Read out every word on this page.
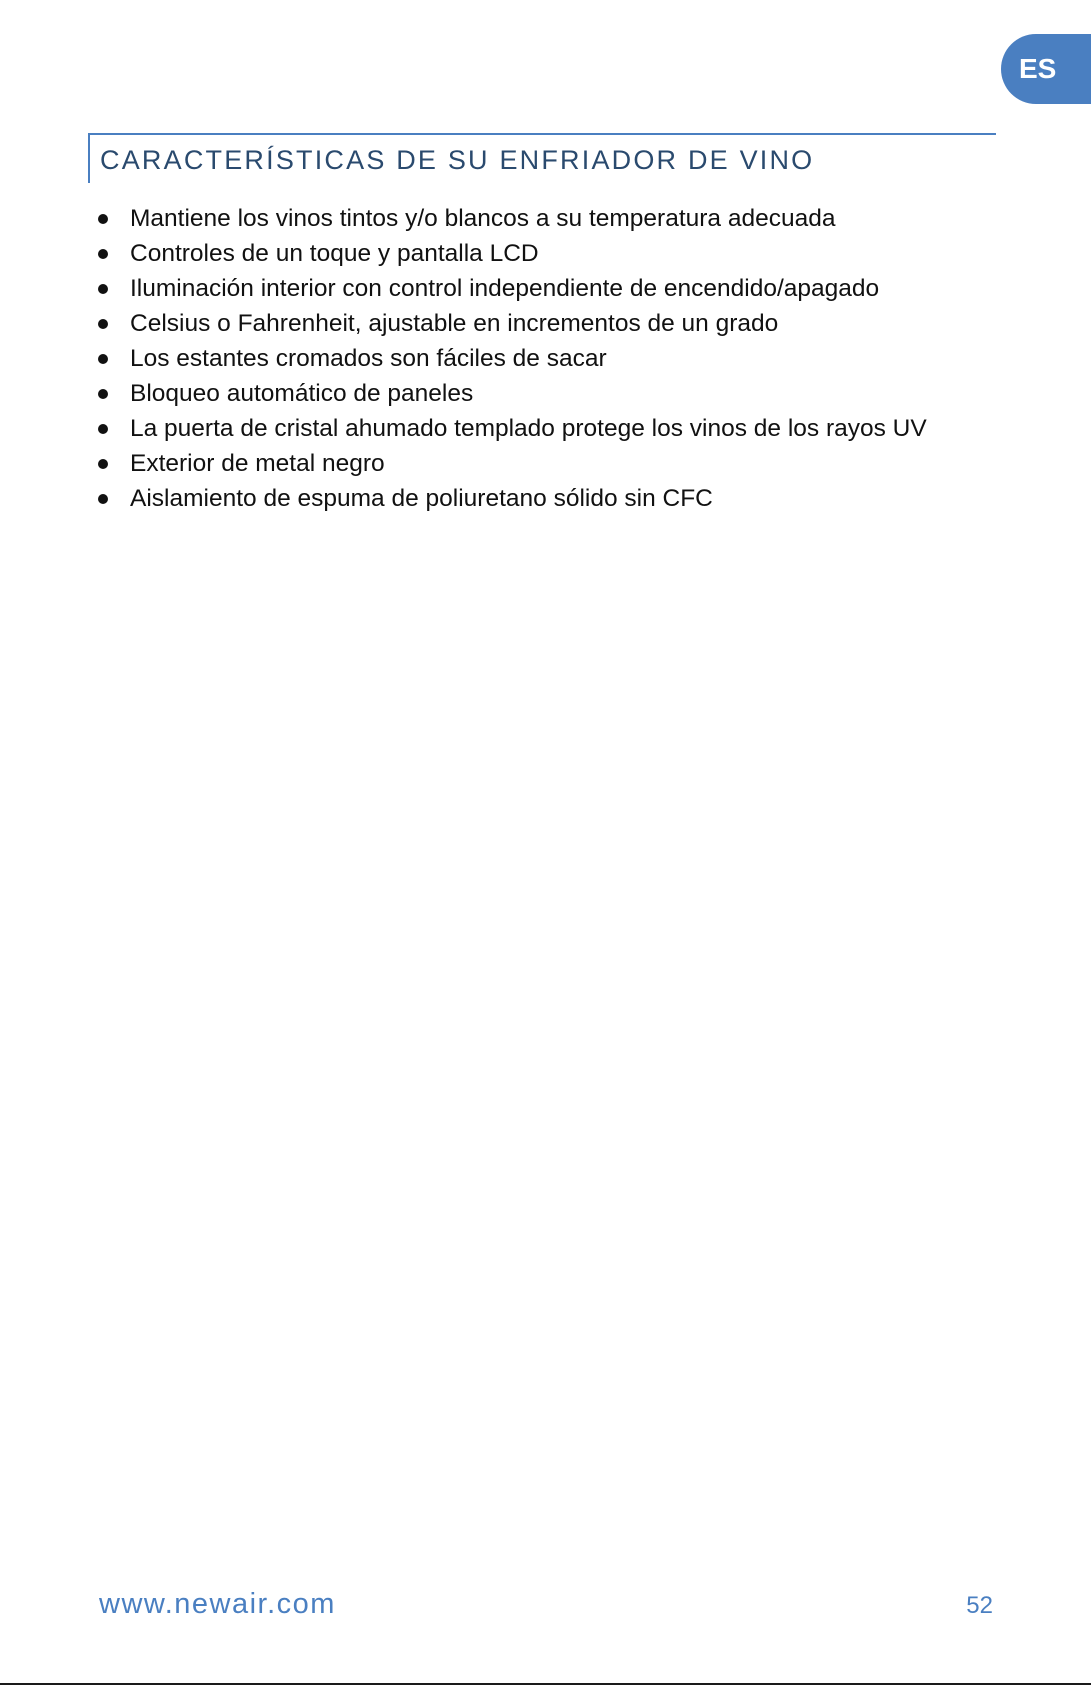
ES
CARACTERÍSTICAS DE SU ENFRIADOR DE VINO
Mantiene los vinos tintos y/o blancos a su temperatura adecuada
Controles de un toque y pantalla LCD
Iluminación interior con control independiente de encendido/apagado
Celsius o Fahrenheit, ajustable en incrementos de un grado
Los estantes cromados son fáciles de sacar
Bloqueo automático de paneles
La puerta de cristal ahumado templado protege los vinos de los rayos UV
Exterior de metal negro
Aislamiento de espuma de poliuretano sólido sin CFC
www.newair.com	52
